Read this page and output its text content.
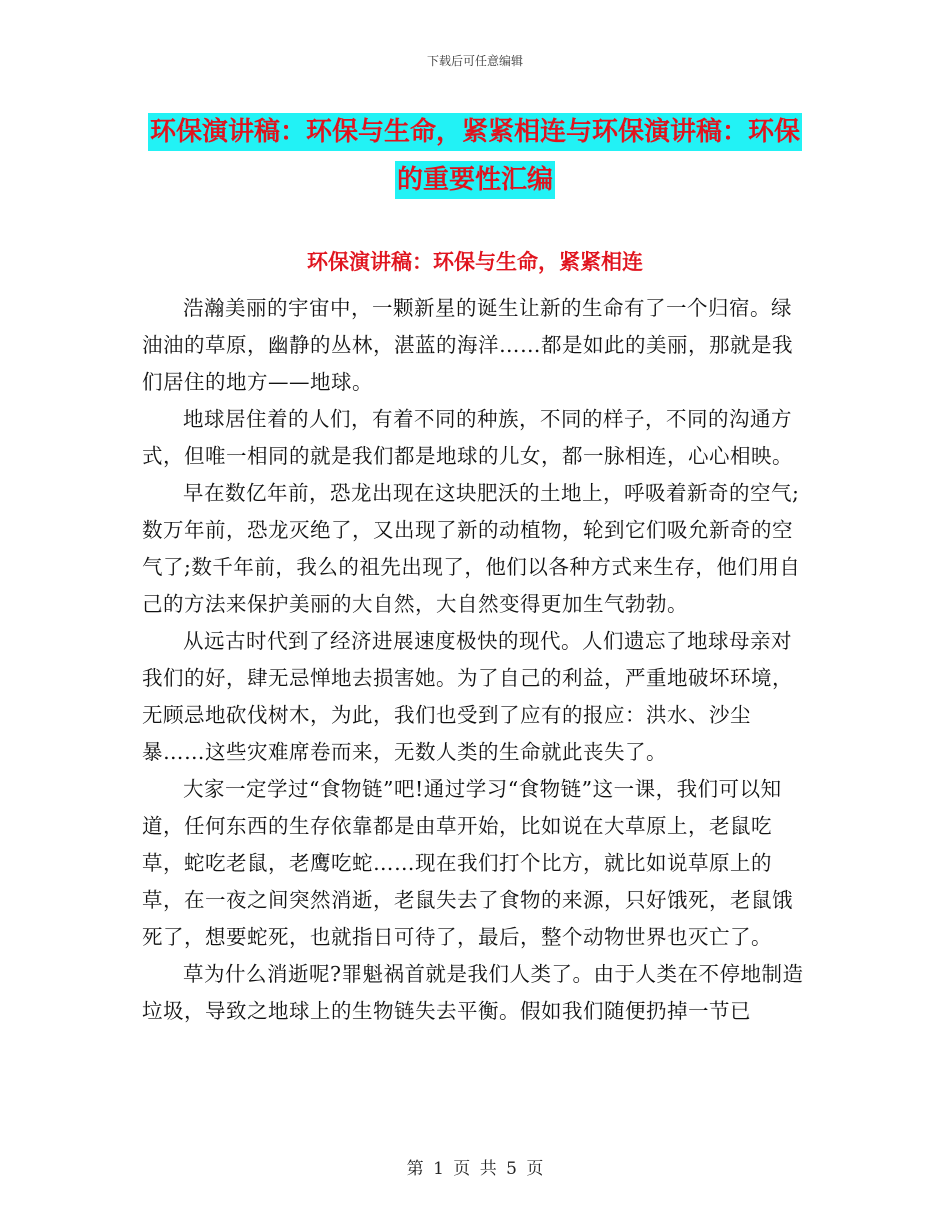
下载后可任意编辑
环保演讲稿：环保与生命，紧紧相连与环保演讲稿：环保的重要性汇编
环保演讲稿：环保与生命，紧紧相连

浩瀚美丽的宇宙中，一颗新星的诞生让新的生命有了一个归宿。绿油油的草原，幽静的丛林，湛蓝的海洋……都是如此的美丽，那就是我们居住的地方——地球。

地球居住着的人们，有着不同的种族，不同的样子，不同的沟通方式，但唯一相同的就是我们都是地球的儿女，都一脉相连，心心相映。

早在数亿年前，恐龙出现在这块肥沃的土地上，呼吸着新奇的空气;数万年前，恐龙灭绝了，又出现了新的动植物，轮到它们吸允新奇的空气了;数千年前，我么的祖先出现了，他们以各种方式来生存，他们用自己的方法来保护美丽的大自然，大自然变得更加生气勃勃。

从远古时代到了经济进展速度极快的现代。人们遗忘了地球母亲对我们的好，肆无忌惮地去损害她。为了自己的利益，严重地破坏环境，无顾忌地砍伐树木，为此，我们也受到了应有的报应：洪水、沙尘暴……这些灾难席卷而来，无数人类的生命就此丧失了。

大家一定学过“食物链”吧!通过学习“食物链”这一课，我们可以知道，任何东西的生存依靠都是由草开始，比如说在大草原上，老鼠吃草，蛇吃老鼠，老鹰吃蛇……现在我们打个比方，就比如说草原上的草，在一夜之间突然消逝，老鼠失去了食物的来源，只好饿死，老鼠饿死了，想要蛇死，也就指日可待了，最后，整个动物世界也灭亡了。

草为什么消逝呢?罪魁祸首就是我们人类了。由于人类在不停地制造垃圾，导致之地球上的生物链失去平衡。假如我们随便扔掉一节已

第 1 页 共 5 页
